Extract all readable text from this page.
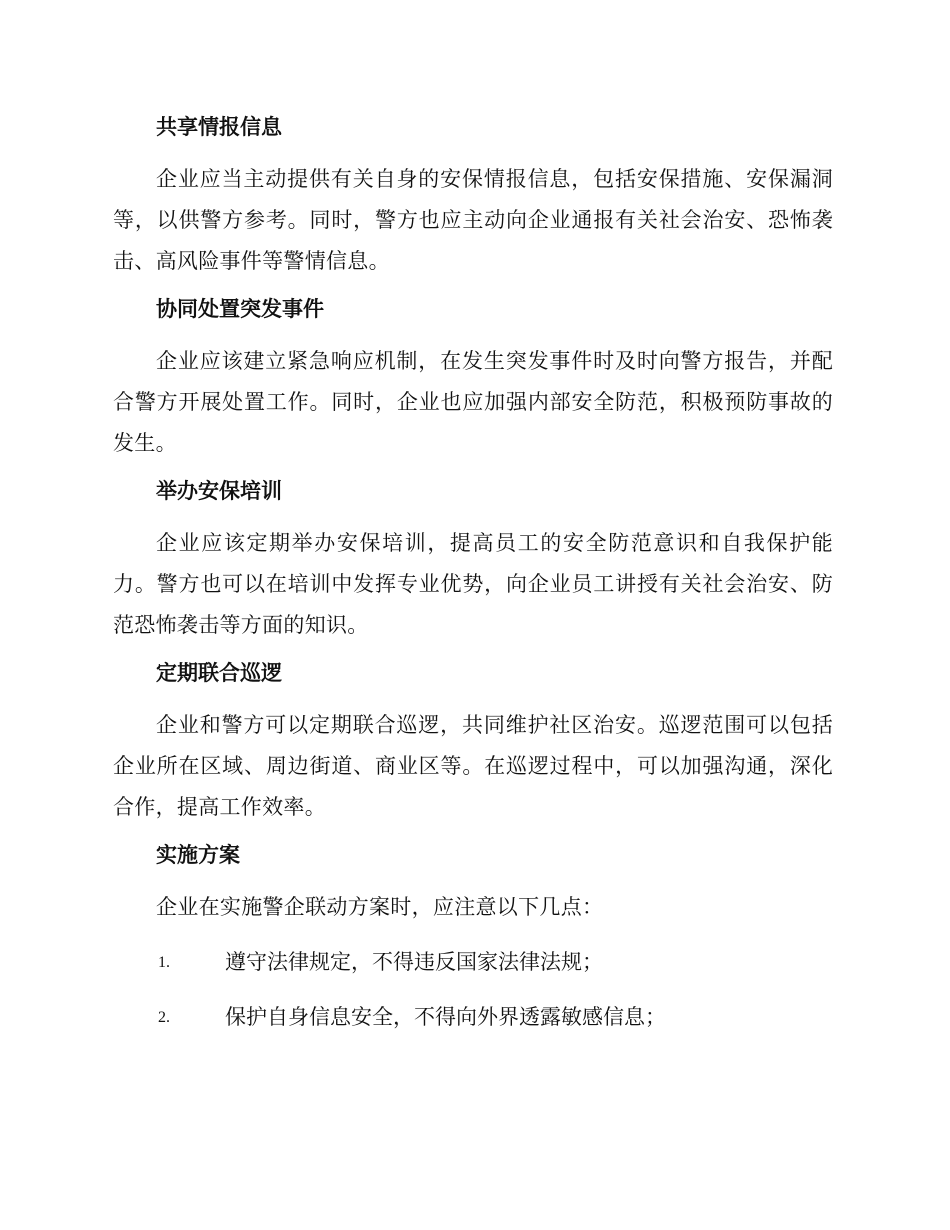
共享情报信息

企业应当主动提供有关自身的安保情报信息，包括安保措施、安保漏洞等，以供警方参考。同时，警方也应主动向企业通报有关社会治安、恐怖袭击、高风险事件等警情信息。

协同处置突发事件

企业应该建立紧急响应机制，在发生突发事件时及时向警方报告，并配合警方开展处置工作。同时，企业也应加强内部安全防范，积极预防事故的发生。

举办安保培训

企业应该定期举办安保培训，提高员工的安全防范意识和自我保护能力。警方也可以在培训中发挥专业优势，向企业员工讲授有关社会治安、防范恐怖袭击等方面的知识。

定期联合巡逻

企业和警方可以定期联合巡逻，共同维护社区治安。巡逻范围可以包括企业所在区域、周边街道、商业区等。在巡逻过程中，可以加强沟通，深化合作，提高工作效率。

实施方案

企业在实施警企联动方案时，应注意以下几点：

1.	遵守法律规定，不得违反国家法律法规；
2.	保护自身信息安全，不得向外界透露敏感信息；
